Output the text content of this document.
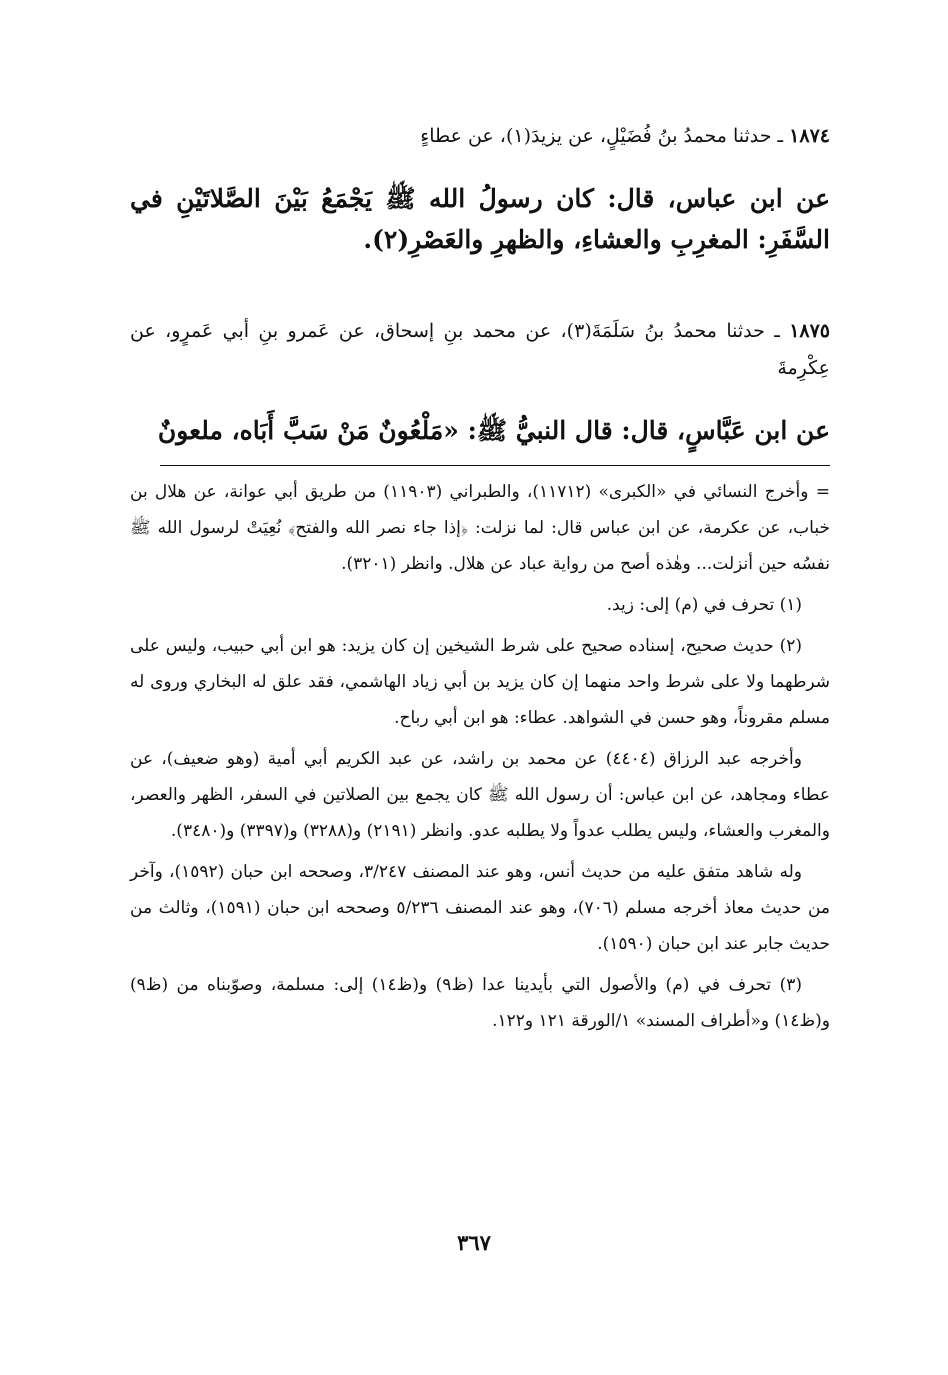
١٨٧٤ ـ حدثنا محمدُ بنُ فُضَيْلٍ، عن يزيدَ(١)، عن عطاءٍ

عن ابن عباس، قال: كان رسولُ الله ﷺ يَجْمَعُ بَيْنَ الصَّلاتَيْنِ في السَّفَرِ: المغرِبِ والعشاءِ، والظهرِ والعَصْرِ(٢).

١٨٧٥ ـ حدثنا محمدُ بنُ سَلَمَةَ(٣)، عن محمد بنِ إسحاق، عن عَمرو بنِ أبي عَمرٍو، عن عِكْرِمةَ

عن ابن عَبَّاسٍ، قال: قال النبيُّ ﷺ: «مَلْعُونٌ مَنْ سَبَّ أَبَاه، ملعونٌ

= وأخرج النسائي في «الكبرى» (١١٧١٢)، والطبراني (١١٩٠٣) من طريق أبي عوانة، عن هلال بن خباب، عن عكرمة، عن ابن عباس قال: لما نزلت: ﴿إذا جاء نصر الله والفتح﴾ نُعِيَتْ لرسول الله ﷺ نفسُه حين أنزلت... وهٰذه أصح من رواية عباد عن هلال. وانظر (٣٢٠١).

(١) تحرف في (م) إلى: زيد.

(٢) حديث صحيح، إسناده صحيح على شرط الشيخين إن كان يزيد: هو ابن أبي حبيب، وليس على شرطهما ولا على شرط واحد منهما إن كان يزيد بن أبي زياد الهاشمي، فقد علق له البخاري وروى له مسلم مقروناً، وهو حسن في الشواهد. عطاء: هو ابن أبي رباح.

وأخرجه عبد الرزاق (٤٤٠٤) عن محمد بن راشد، عن عبد الكريم أبي أمية (وهو ضعيف)، عن عطاء ومجاهد، عن ابن عباس: أن رسول الله ﷺ كان يجمع بين الصلاتين في السفر، الظهر والعصر، والمغرب والعشاء، وليس يطلب عدواً ولا يطلبه عدو. وانظر (٢١٩١) و(٣٢٨٨) و(٣٣٩٧) و(٣٤٨٠).

وله شاهد متفق عليه من حديث أنس، وهو عند المصنف ٣/٢٤٧، وصححه ابن حبان (١٥٩٢)، وآخر من حديث معاذ أخرجه مسلم (٧٠٦)، وهو عند المصنف ٥/٢٣٦ وصححه ابن حبان (١٥٩١)، وثالث من حديث جابر عند ابن حبان (١٥٩٠).

(٣) تحرف في (م) والأصول التي بأيدينا عدا (ظ٩) و(ظ١٤) إلى: مسلمة، وصوّبناه من (ظ٩) و(ظ١٤) و«أطراف المسند» ١/الورقة ١٢١ و١٢٢.

٣٦٧
